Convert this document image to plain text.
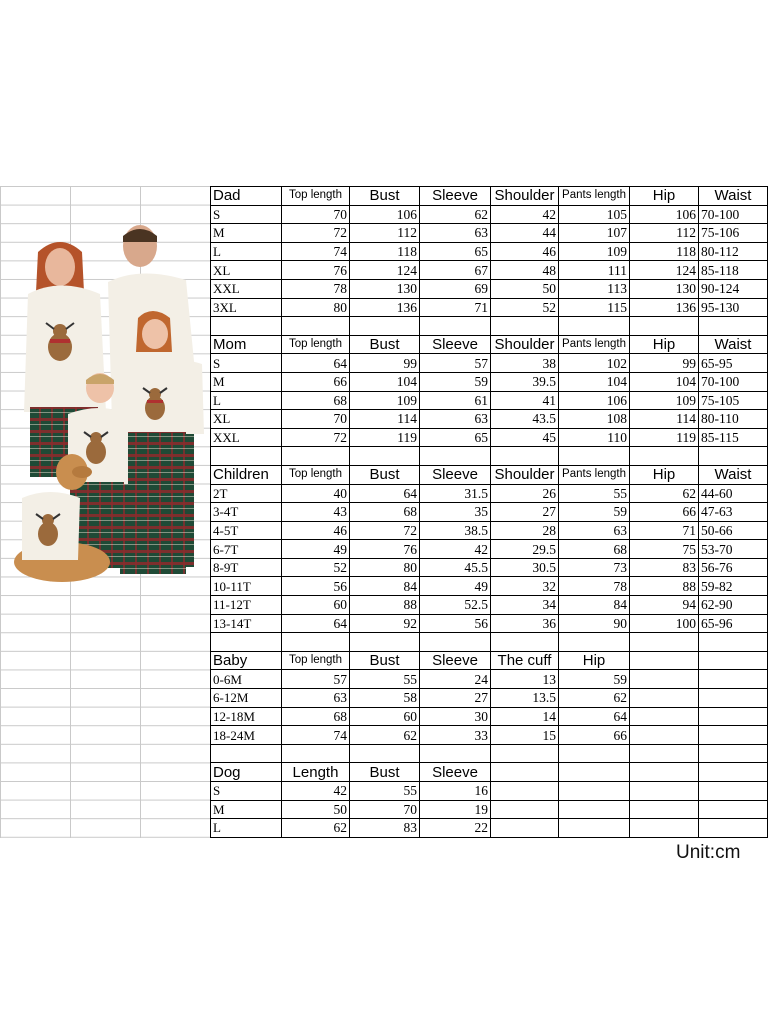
Dad	Top length	Bust	Sleeve	Shoulder	Pants length	Hip	Waist
S	70	106	62	42	105	106	70-100
M	72	112	63	44	107	112	75-106
L	74	118	65	46	109	118	80-112
XL	76	124	67	48	111	124	85-118
XXL	78	130	69	50	113	130	90-124
3XL	80	136	71	52	115	136	95-130

Mom	Top length	Bust	Sleeve	Shoulder	Pants length	Hip	Waist
S	64	99	57	38	102	99	65-95
M	66	104	59	39.5	104	104	70-100
L	68	109	61	41	106	109	75-105
XL	70	114	63	43.5	108	114	80-110
XXL	72	119	65	45	110	119	85-115

Children	Top length	Bust	Sleeve	Shoulder	Pants length	Hip	Waist
2T	40	64	31.5	26	55	62	44-60
3-4T	43	68	35	27	59	66	47-63
4-5T	46	72	38.5	28	63	71	50-66
6-7T	49	76	42	29.5	68	75	53-70
8-9T	52	80	45.5	30.5	73	83	56-76
10-11T	56	84	49	32	78	88	59-82
11-12T	60	88	52.5	34	84	94	62-90
13-14T	64	92	56	36	90	100	65-96

Baby	Top length	Bust	Sleeve	The cuff	Hip		
0-6M	57	55	24	13	59		
6-12M	63	58	27	13.5	62		
12-18M	68	60	30	14	64		
18-24M	74	62	33	15	66		

Dog	Length	Bust	Sleeve				
S	42	55	16				
M	50	70	19				
L	62	83	22				
Unit:cm
